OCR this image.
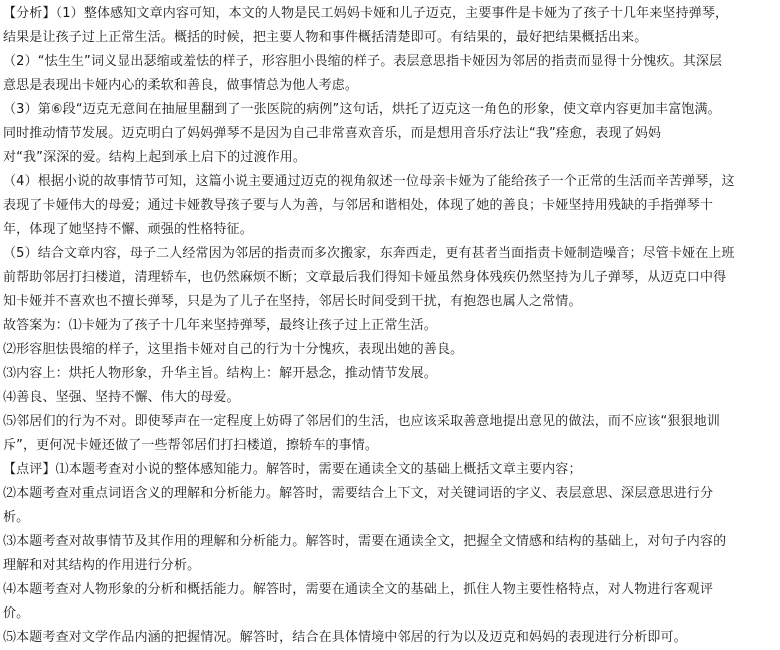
【分析】（1）整体感知文章内容可知，本文的人物是民工妈妈卡娅和儿子迈克，主要事件是卡娅为了孩子十几年来坚持弹琴，
结果是让孩子过上正常生活。概括的时候，把主要人物和事件概括清楚即可。有结果的，最好把结果概括出来。
（2）“怯生生”词义显出瑟缩或羞怯的样子，形容胆小畏缩的样子。表层意思指卡娅因为邻居的指责而显得十分愧疚。其深层
意思是表现出卡娅内心的柔软和善良，做事情总为他人考虑。
（3）第⑥段“迈克无意间在抽屉里翻到了一张医院的病例”这句话，烘托了迈克这一角色的形象，使文章内容更加丰富饱满。
同时推动情节发展。迈克明白了妈妈弹琴不是因为自己非常喜欢音乐，而是想用音乐疗法让“我”痊愈，表现了妈妈
对“我”深深的爱。结构上起到承上启下的过渡作用。
（4）根据小说的故事情节可知，这篇小说主要通过迈克的视角叙述一位母亲卡娅为了能给孩子一个正常的生活而辛苦弹琴，这
表现了卡娅伟大的母爱；通过卡娅教导孩子要与人为善，与邻居和谐相处，体现了她的善良；卡娅坚持用残缺的手指弹琴十
年，体现了她坚持不懈、顽强的性格特征。
（5）结合文章内容，母子二人经常因为邻居的指责而多次搬家，东奔西走，更有甚者当面指责卡娅制造噪音；尽管卡娅在上班
前帮助邻居打扫楼道，清理轿车，也仍然麻烦不断；文章最后我们得知卡娅虽然身体残疾仍然坚持为儿子弹琴，从迈克口中得
知卡娅并不喜欢也不擅长弹琴，只是为了儿子在坚持，邻居长时间受到干扰，有抱怨也属人之常情。
故答案为：⑴卡娅为了孩子十几年来坚持弹琴，最终让孩子过上正常生活。
⑵形容胆怯畏缩的样子，这里指卡娅对自己的行为十分愧疚，表现出她的善良。
⑶内容上：烘托人物形象，升华主旨。结构上：解开悬念，推动情节发展。
⑷善良、坚强、坚持不懈、伟大的母爱。
⑸邻居们的行为不对。即使琴声在一定程度上妨碍了邻居们的生活，也应该采取善意地提出意见的做法，而不应该“狠狠地训
斥”，更何况卡娅还做了一些帮邻居们打扫楼道，擦轿车的事情。
【点评】⑴本题考查对小说的整体感知能力。解答时，需要在通读全文的基础上概括文章主要内容；
⑵本题考查对重点词语含义的理解和分析能力。解答时，需要结合上下文，对关键词语的字义、表层意思、深层意思进行分
析。
⑶本题考查对故事情节及其作用的理解和分析能力。解答时，需要在通读全文，把握全文情感和结构的基础上，对句子内容的
理解和对其结构的作用进行分析。
⑷本题考查对人物形象的分析和概括能力。解答时，需要在通读全文的基础上，抓住人物主要性格特点，对人物进行客观评
价。
⑸本题考查对文学作品内涵的把握情况。解答时，结合在具体情境中邻居的行为以及迈克和妈妈的表现进行分析即可。
